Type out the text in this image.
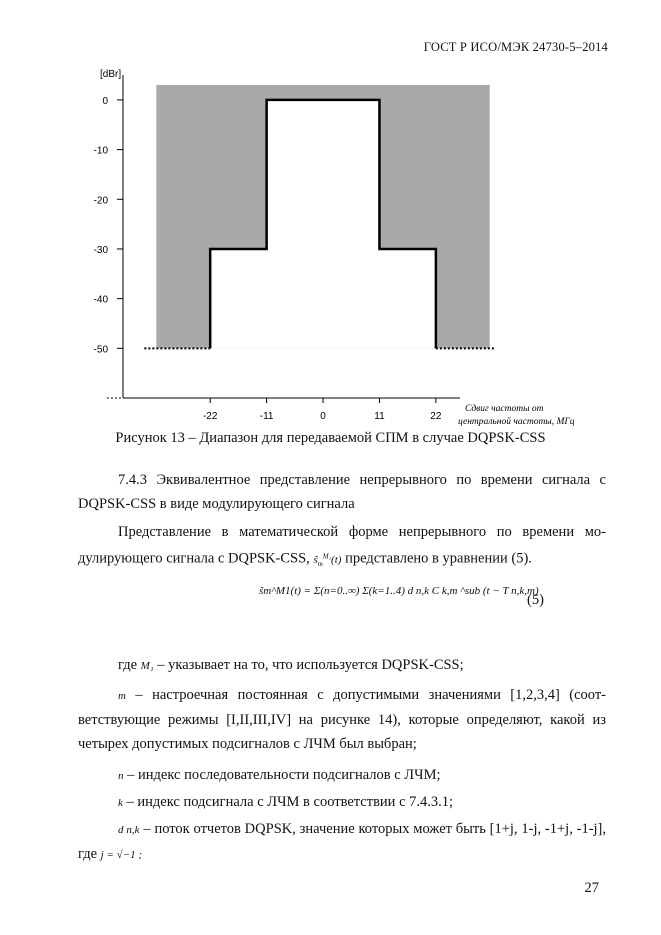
ГОСТ Р ИСО/МЭК 24730-5–2014
0
-10
-20
-30
-40
-50
-22	-11	0	11	22
[dBr]
Сдвиг частоты от
центральной частоты, МГц
Рисунок 13 – Диапазон для передаваемой СПМ в случае DQPSK-CSS
7.4.3 Эквивалентное представление непрерывного по времени сигнала с DQPSK-CSS в виде модулирующего сигнала
Представление в математической форме непрерывного по времени мо-дулирующего сигнала с DQPSK-CSS, $s̃_m^{M_1}(t)$ представлено в уравнении (5).
s̃m^M1(t) = Σ(n=0..∞) Σ(k=1..4) d n,k C k,m ^sub (t − T n,k,m)
(5)
где M₁ – указывает на то, что используется DQPSK-CSS;
m – настроечная постоянная с допустимыми значениями [1,2,3,4] (соот-ветствующие режимы [I,II,III,IV] на рисунке 14), которые определяют, какой из четырех допустимых подсигналов с ЛЧМ был выбран;
n – индекс последовательности подсигналов с ЛЧМ;
k – индекс подсигнала с ЛЧМ в соответствии с 7.4.3.1;
d n,k – поток отчетов DQPSK, значение которых может быть [1+j, 1-j, -1+j, -1-j], где j = √−1 ;
27
